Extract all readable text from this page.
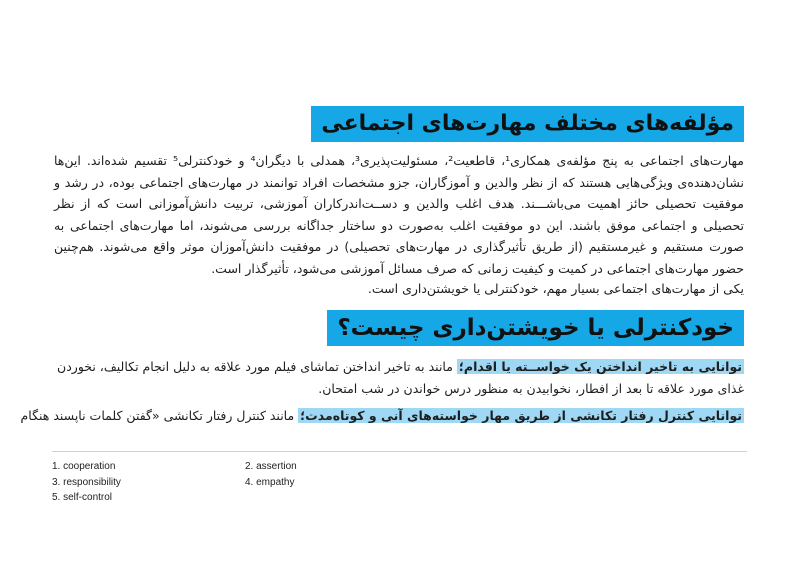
مؤلفه‌های مختلف مهارت‌های اجتماعی

مهارت‌های اجتماعی به پنج مؤلفه‌ی همکاری¹، قاطعیت²، مسئولیت‌پذیری³، همدلی با دیگران⁴ و خودکنترلی⁵ تقسیم شده‌اند. این‌ها نشان‌دهنده‌ی ویژگی‌هایی هستند که از نظر والدین و آموزگاران، جزو مشخصات افراد توانمند در مهارت‌های اجتماعی بوده، در رشد و موفقیت تحصیلی حائز اهمیت می‌باشـــند. هدف اغلب والدین و دســت‌اندرکاران آموزشی، تربیت دانش‌آموزانی است که از نظر تحصیلی و اجتماعی موفق باشند. این دو موفقیت اغلب به‌صورت دو ساختار جداگانه بررسی می‌شوند، اما مهارت‌های اجتماعی به صورت مستقیم و غیرمستقیم (از طریق تأثیرگذاری در مهارت‌های تحصیلی) در موفقیت دانش‌آموزان موثر واقع می‌شوند. هم‌چنین حضور مهارت‌های اجتماعی در کمیت و کیفیت زمانی که صرف مسائل آموزشی می‌شود، تأثیرگذار است.

یکی از مهارت‌های اجتماعی بسیار مهم، خودکنترلی یا خویشتن‌داری است.

خودکنترلی یا خویشتن‌داری چیست؟
توانایی به تاخیر انداختن یک خواســته یا اقدام؛ مانند به تاخیر انداختن تماشای فیلم مورد علاقه به دلیل انجام تکالیف، نخوردن
غذای مورد علاقه تا بعد از افطار، نخوابیدن به منظور درس خواندن در شب امتحان.
توانایی کنترل رفتار تکانشی از طریق مهار خواسته‌های آنی و کوتاه‌مدت؛ مانند کنترل رفتار تکانشی «گفتن کلمات ناپسند هنگام
1. cooperation	2. assertion
3. responsibility	4. empathy
5. self-control
